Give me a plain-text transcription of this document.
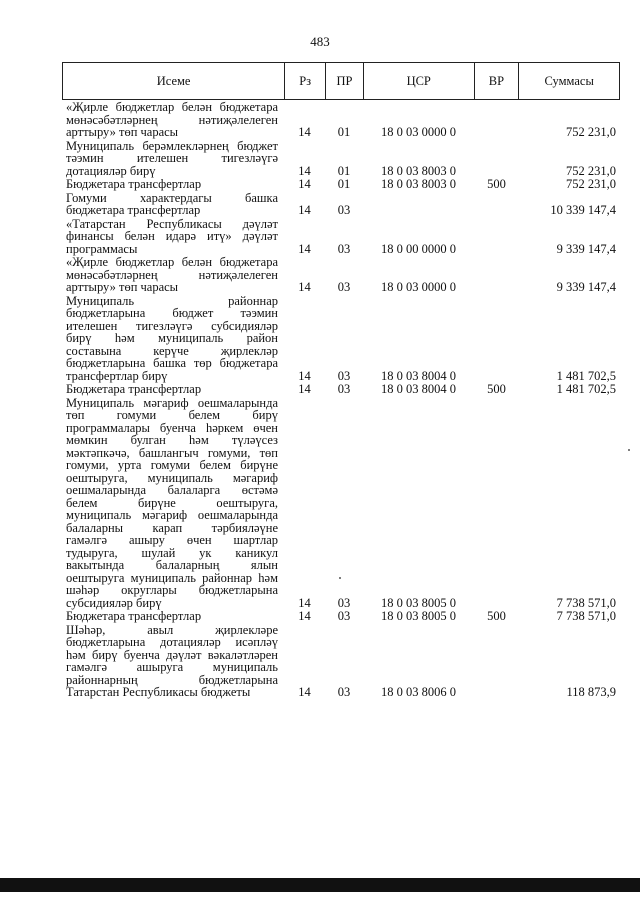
483
Исеме	Рз	ПР	ЦСР	ВР	Суммасы
«Җирле бюджетлар белән бюджетара
мөнәсәбәтләрнең нәтиҗәлелеген
арттыру» төп чарасы	14	01	18 0 03 0000 0	752 231,0
Муниципаль берәмлекләрнең бюджет
тәэмин ителешен тигезләүгә
дотацияләр бирү	14	01	18 0 03 8003 0	752 231,0
Бюджетара трансфертлар	14	01	18 0 03 8003 0	500	752 231,0
Гомуми характердагы башка
бюджетара трансфертлар	14	03	10 339 147,4
«Татарстан Республикасы дәүләт
финансы белән идарә итү» дәүләт
программасы	14	03	18 0 00 0000 0	9 339 147,4
«Җирле бюджетлар белән бюджетара
мөнәсәбәтләрнең нәтиҗәлелеген
арттыру» төп чарасы	14	03	18 0 03 0000 0	9 339 147,4
Муниципаль районнар
бюджетларына бюджет тәэмин
ителешен тигезләүгә субсидияләр
бирү һәм муниципаль район
составына керүче җирлекләр
бюджетларына башка төр бюджетара
трансфертлар бирү	14	03	18 0 03 8004 0	1 481 702,5
Бюджетара трансфертлар	14	03	18 0 03 8004 0	500	1 481 702,5
Муниципаль мәгариф оешмаларында
төп гомуми белем бирү
программалары буенча һәркем өчен
мөмкин булган һәм түләүсез
мәктәпкәчә, башлангыч гомуми, төп
гомуми, урта гомуми белем бирүне
оештыруга, муниципаль мәгариф
оешмаларында балаларга өстәмә
белем бирүне оештыруга,
муниципаль мәгариф оешмаларында
балаларны карап тәрбияләүне
гамәлгә ашыру өчен шартлар
тудыруга, шулай ук каникул
вакытында балаларның ялын
оештыруга муниципаль районнар һәм
шәһәр округлары бюджетларына
субсидияләр бирү	14	03	18 0 03 8005 0	7 738 571,0
Бюджетара трансфертлар	14	03	18 0 03 8005 0	500	7 738 571,0
Шәһәр, авыл җирлекләре
бюджетларына дотацияләр исәпләү
һәм бирү буенча дәүләт вәкаләтләрен
гамәлгә ашыруга муниципаль
районнарның бюджетларына
Татарстан Республикасы бюджеты	14	03	18 0 03 8006 0	118 873,9
